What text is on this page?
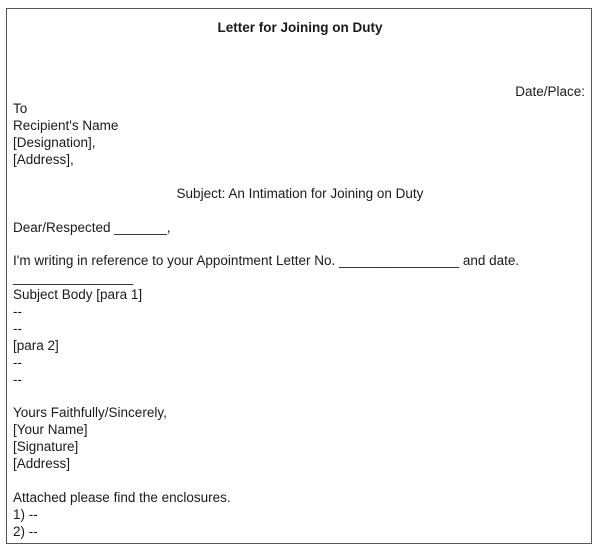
Letter for Joining on Duty
Date/Place:
To
Recipient's Name
[Designation],
[Address],
Subject: An Intimation for Joining on Duty
Dear/Respected _______,
I'm writing in reference to your Appointment Letter No. ________________ and date.
________________
Subject Body [para 1]
--
--
[para 2]
--
--
Yours Faithfully/Sincerely,
[Your Name]
[Signature]
[Address]
Attached please find the enclosures.
1) --
2) --
